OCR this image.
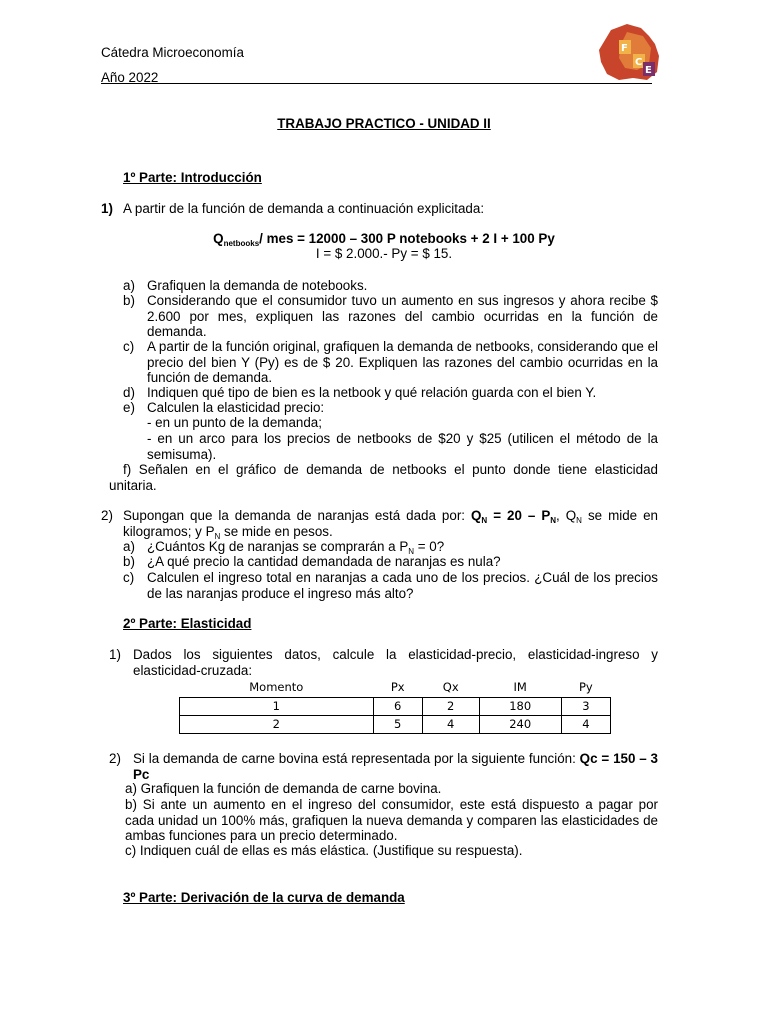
Cátedra Microeconomía
Año 2022
F
C
E
TRABAJO PRACTICO - UNIDAD II
1º Parte: Introducción
1) A partir de la función de demanda a continuación explicitada:
$Q_{netbooks}/$ mes = 12000 – 300 P notebooks + 2 I + 100 Py
I = $ 2.000.- Py = $ 15.
a) Grafiquen la demanda de notebooks.
b) Considerando que el consumidor tuvo un aumento en sus ingresos y ahora recibe $ 2.600 por mes, expliquen las razones del cambio ocurridas en la función de demanda.
c) A partir de la función original, grafiquen la demanda de netbooks, considerando que el precio del bien Y (Py) es de $ 20. Expliquen las razones del cambio ocurridas en la función de demanda.
d) Indiquen qué tipo de bien es la netbook y qué relación guarda con el bien Y.
e) Calculen la elasticidad precio:
- en un punto de la demanda;
- en un arco para los precios de netbooks de $20 y $25 (utilicen el método de la semisuma).
f) Señalen en el gráfico de demanda de netbooks el punto donde tiene elasticidad unitaria.
2) Supongan que la demanda de naranjas está dada por: $Q_N = 20 - P_N$, $Q_N$ se mide en kilogramos; y $P_N$ se mide en pesos.
a) ¿Cuántos Kg de naranjas se comprarán a $P_N = 0$?
b) ¿A qué precio la cantidad demandada de naranjas es nula?
c) Calculen el ingreso total en naranjas a cada uno de los precios. ¿Cuál de los precios de las naranjas produce el ingreso más alto?
2º Parte: Elasticidad
1) Dados los siguientes datos, calcule la elasticidad-precio, elasticidad-ingreso y elasticidad-cruzada:
Momento	Px	Qx	IM	Py
1	6	2	180	3
2	5	4	240	4
2) Si la demanda de carne bovina está representada por la siguiente función: Qc = 150 – 3 Pc
a) Grafiquen la función de demanda de carne bovina.
b) Si ante un aumento en el ingreso del consumidor, este está dispuesto a pagar por cada unidad un 100% más, grafiquen la nueva demanda y comparen las elasticidades de ambas funciones para un precio determinado.
c) Indiquen cuál de ellas es más elástica. (Justifique su respuesta).
3º Parte: Derivación de la curva de demanda
